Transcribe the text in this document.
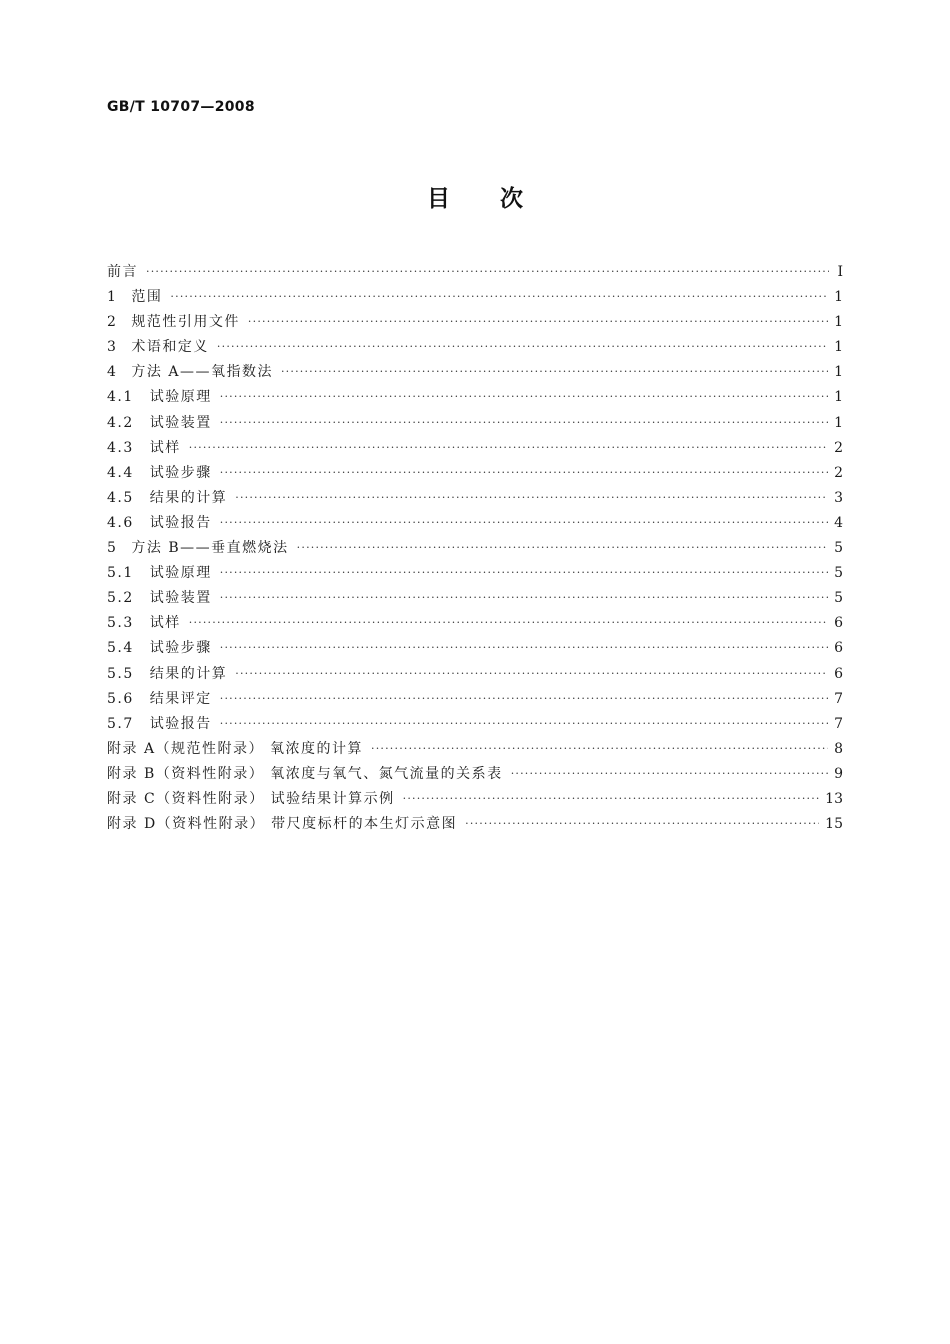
GB/T 10707—2008
目次
前言 ·····	I
1 范围 ·····	1
2 规范性引用文件 ·····	1
3 术语和定义 ·····	1
4 方法 A——氧指数法 ·····	1
4.1 试验原理 ·····	1
4.2 试验装置 ·····	1
4.3 试样 ·····	2
4.4 试验步骤 ·····	2
4.5 结果的计算 ·····	3
4.6 试验报告 ·····	4
5 方法 B——垂直燃烧法 ·····	5
5.1 试验原理 ·····	5
5.2 试验装置 ·····	5
5.3 试样 ·····	6
5.4 试验步骤 ·····	6
5.5 结果的计算 ·····	6
5.6 结果评定 ·····	7
5.7 试验报告 ·····	7
附录 A（规范性附录） 氧浓度的计算 ·····	8
附录 B（资料性附录） 氧浓度与氧气、氮气流量的关系表 ·····	9
附录 C（资料性附录） 试验结果计算示例 ·····	13
附录 D（资料性附录） 带尺度标杆的本生灯示意图 ·····	15
